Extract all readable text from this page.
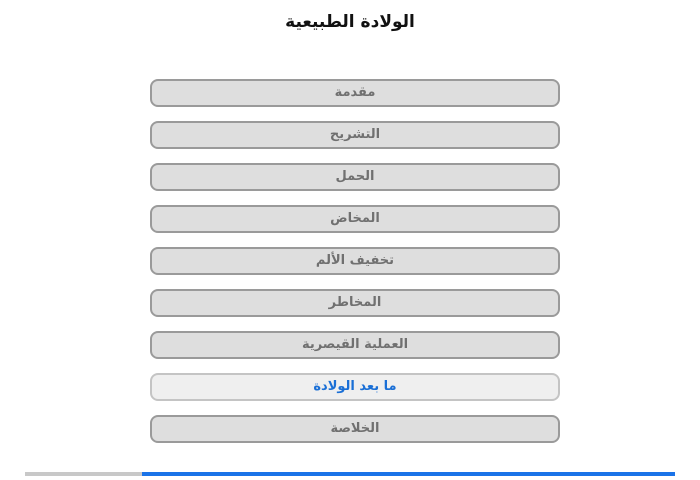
الولادة الطبيعية
مقدمة
التشريح
الحمل
المخاض
تخفيف الألم
المخاطر
العملية القيصرية
ما بعد الولادة
الخلاصة
